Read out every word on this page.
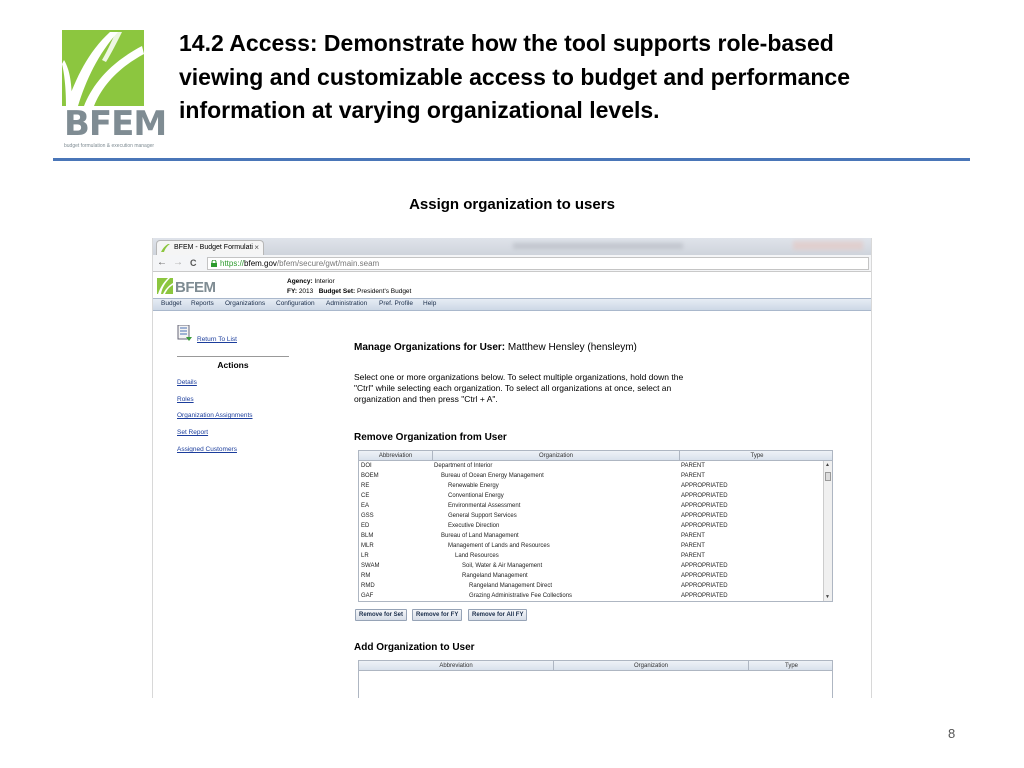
BFEM
budget formulation & execution manager
14.2 Access: Demonstrate how the tool supports role-based viewing and customizable access to budget and performance information at varying organizational levels.
Assign organization to users
8
BFEM - Budget Formulati ×
← → C	https://bfem.gov/bfem/secure/gwt/main.seam
BFEM	Agency: Interior
FY: 2013 Budget Set: President's Budget
Budget Reports Organizations Configuration Administration Pref. Profile Help
Return To List
Actions
Details
Roles
Organization Assignments
Set Report
Assigned Customers
Manage Organizations for User: Matthew Hensley (hensleym)
Select one or more organizations below. To select multiple organizations, hold down the "Ctrl" while selecting each organization. To select all organizations at once, select an organization and then press "Ctrl + A".
Remove Organization from User
Abbreviation	Organization	Type
DOI	Department of Interior	PARENT
BOEM	Bureau of Ocean Energy Management	PARENT
RE	Renewable Energy	APPROPRIATED
CE	Conventional Energy	APPROPRIATED
EA	Environmental Assessment	APPROPRIATED
GSS	General Support Services	APPROPRIATED
ED	Executive Direction	APPROPRIATED
BLM	Bureau of Land Management	PARENT
MLR	Management of Lands and Resources	PARENT
LR	Land Resources	PARENT
SWAM	Soil, Water & Air Management	APPROPRIATED
RM	Rangeland Management	APPROPRIATED
RMD	Rangeland Management Direct	APPROPRIATED
GAF	Grazing Administrative Fee Collections	APPROPRIATED
▲
▼
Remove for Set	Remove for FY	Remove for All FY
Add Organization to User
Abbreviation	Organization	Type
